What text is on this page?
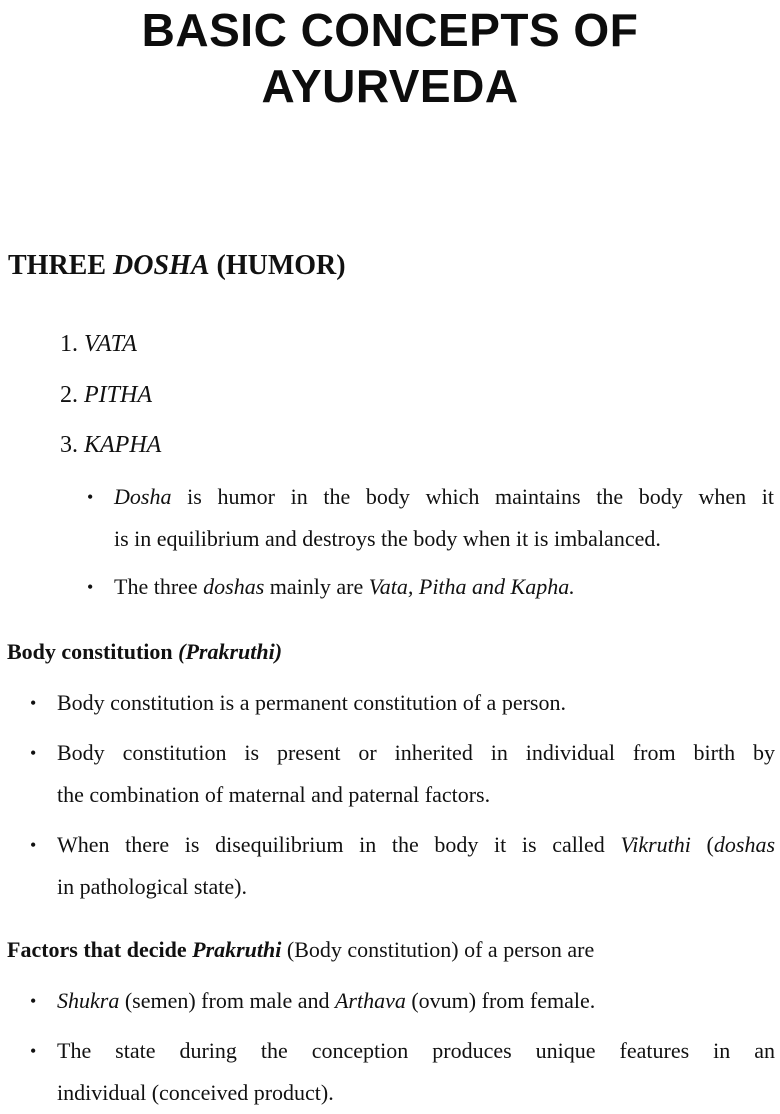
BASIC CONCEPTS OF
AYURVEDA
THREE DOSHA (HUMOR)
1. VATA
2. PITHA
3. KAPHA
• Dosha is humor in the body which maintains the body when it
is in equilibrium and destroys the body when it is imbalanced.
• The three doshas mainly are Vata, Pitha and Kapha.
Body constitution (Prakruthi)
• Body constitution is a permanent constitution of a person.
• Body constitution is present or inherited in individual from birth by
the combination of maternal and paternal factors.
• When there is disequilibrium in the body it is called Vikruthi (doshas
in pathological state).
Factors that decide Prakruthi (Body constitution) of a person are
• Shukra (semen) from male and Arthava (ovum) from female.
• The state during the conception produces unique features in an
individual (conceived product).
